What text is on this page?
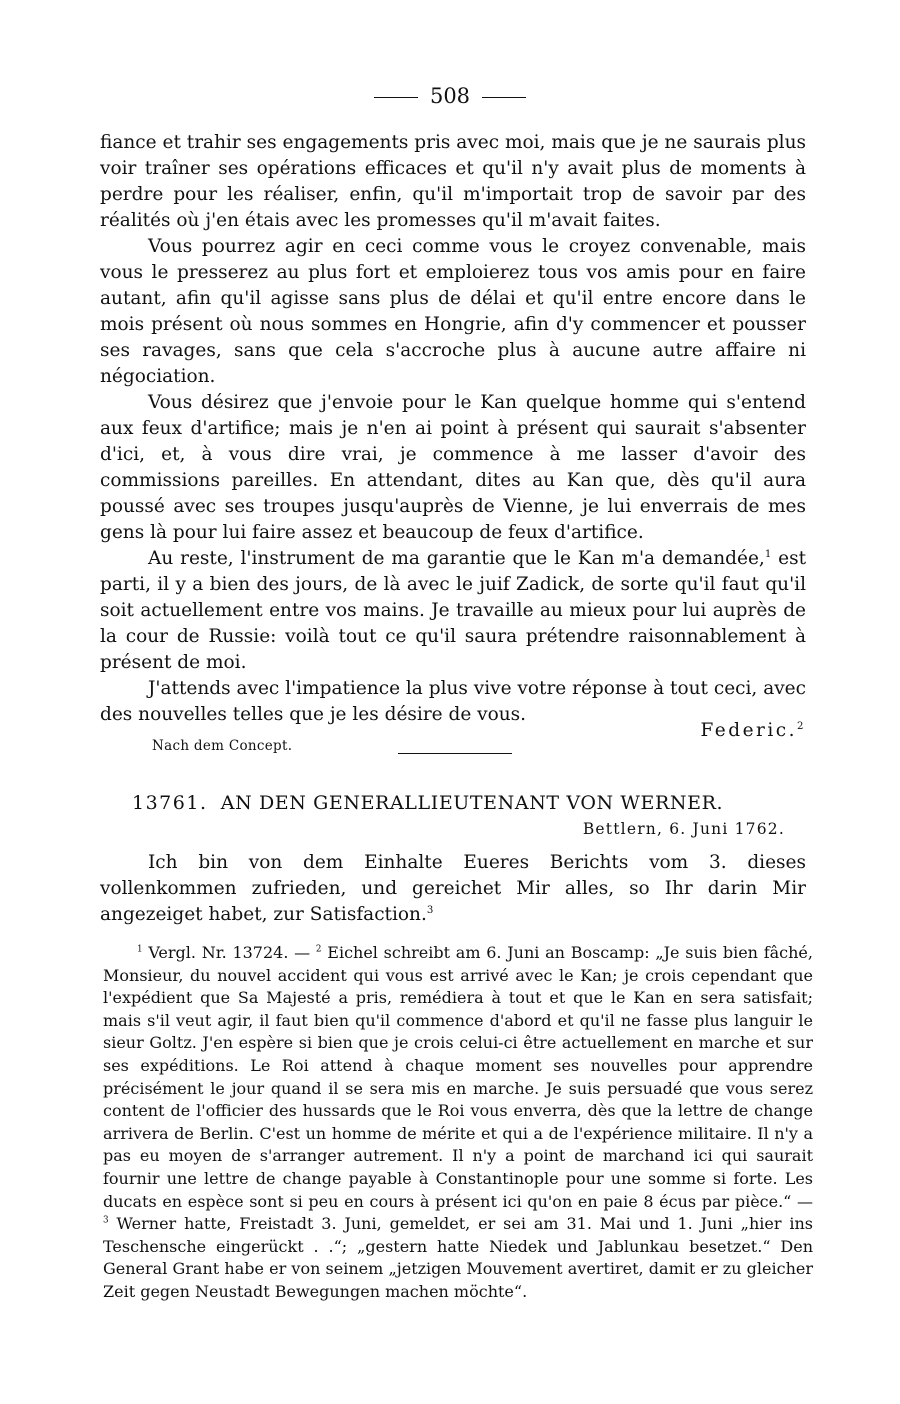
508

fiance et trahir ses engagements pris avec moi, mais que je ne saurais plus voir traîner ses opérations efficaces et qu'il n'y avait plus de moments à perdre pour les réaliser, enfin, qu'il m'importait trop de savoir par des réalités où j'en étais avec les promesses qu'il m'avait faites.

Vous pourrez agir en ceci comme vous le croyez convenable, mais vous le presserez au plus fort et emploierez tous vos amis pour en faire autant, afin qu'il agisse sans plus de délai et qu'il entre encore dans le mois présent où nous sommes en Hongrie, afin d'y commencer et pousser ses ravages, sans que cela s'accroche plus à aucune autre affaire ni négociation.

Vous désirez que j'envoie pour le Kan quelque homme qui s'entend aux feux d'artifice; mais je n'en ai point à présent qui saurait s'absenter d'ici, et, à vous dire vrai, je commence à me lasser d'avoir des commissions pareilles. En attendant, dites au Kan que, dès qu'il aura poussé avec ses troupes jusqu'auprès de Vienne, je lui enverrais de mes gens là pour lui faire assez et beaucoup de feux d'artifice.

Au reste, l'instrument de ma garantie que le Kan m'a demandée,$^1$ est parti, il y a bien des jours, de là avec le juif Zadick, de sorte qu'il faut qu'il soit actuellement entre vos mains. Je travaille au mieux pour lui auprès de la cour de Russie: voilà tout ce qu'il saura prétendre raisonnablement à présent de moi.

J'attends avec l'impatience la plus vive votre réponse à tout ceci, avec des nouvelles telles que je les désire de vous.

Nach dem Concept.
Federic.$^2$
13761. AN DEN GENERALLIEUTENANT VON WERNER.
Bettlern, 6. Juni 1762.

Ich bin von dem Einhalte Eueres Berichts vom 3. dieses vollenkommen zufrieden, und gereichet Mir alles, so Ihr darin Mir angezeiget habet, zur Satisfaction.$^3$

$^1$ Vergl. Nr. 13724. — $^2$ Eichel schreibt am 6. Juni an Boscamp: „Je suis bien fâché, Monsieur, du nouvel accident qui vous est arrivé avec le Kan; je crois cependant que l'expédient que Sa Majesté a pris, remédiera à tout et que le Kan en sera satisfait; mais s'il veut agir, il faut bien qu'il commence d'abord et qu'il ne fasse plus languir le sieur Goltz. J'en espère si bien que je crois celui-ci être actuellement en marche et sur ses expéditions. Le Roi attend à chaque moment ses nouvelles pour apprendre précisément le jour quand il se sera mis en marche. Je suis persuadé que vous serez content de l'officier des hussards que le Roi vous enverra, dès que la lettre de change arrivera de Berlin. C'est un homme de mérite et qui a de l'expérience militaire. Il n'y a pas eu moyen de s'arranger autrement. Il n'y a point de marchand ici qui saurait fournir une lettre de change payable à Constantinople pour une somme si forte. Les ducats en espèce sont si peu en cours à présent ici qu'on en paie 8 écus par pièce.“ — $^3$ Werner hatte, Freistadt 3. Juni, gemeldet, er sei am 31. Mai und 1. Juni „hier ins Teschensche eingerückt . .“; „gestern hatte Niedek und Jablunkau besetzet.“ Den General Grant habe er von seinem „jetzigen Mouvement avertiret, damit er zu gleicher Zeit gegen Neustadt Bewegungen machen möchte“.
